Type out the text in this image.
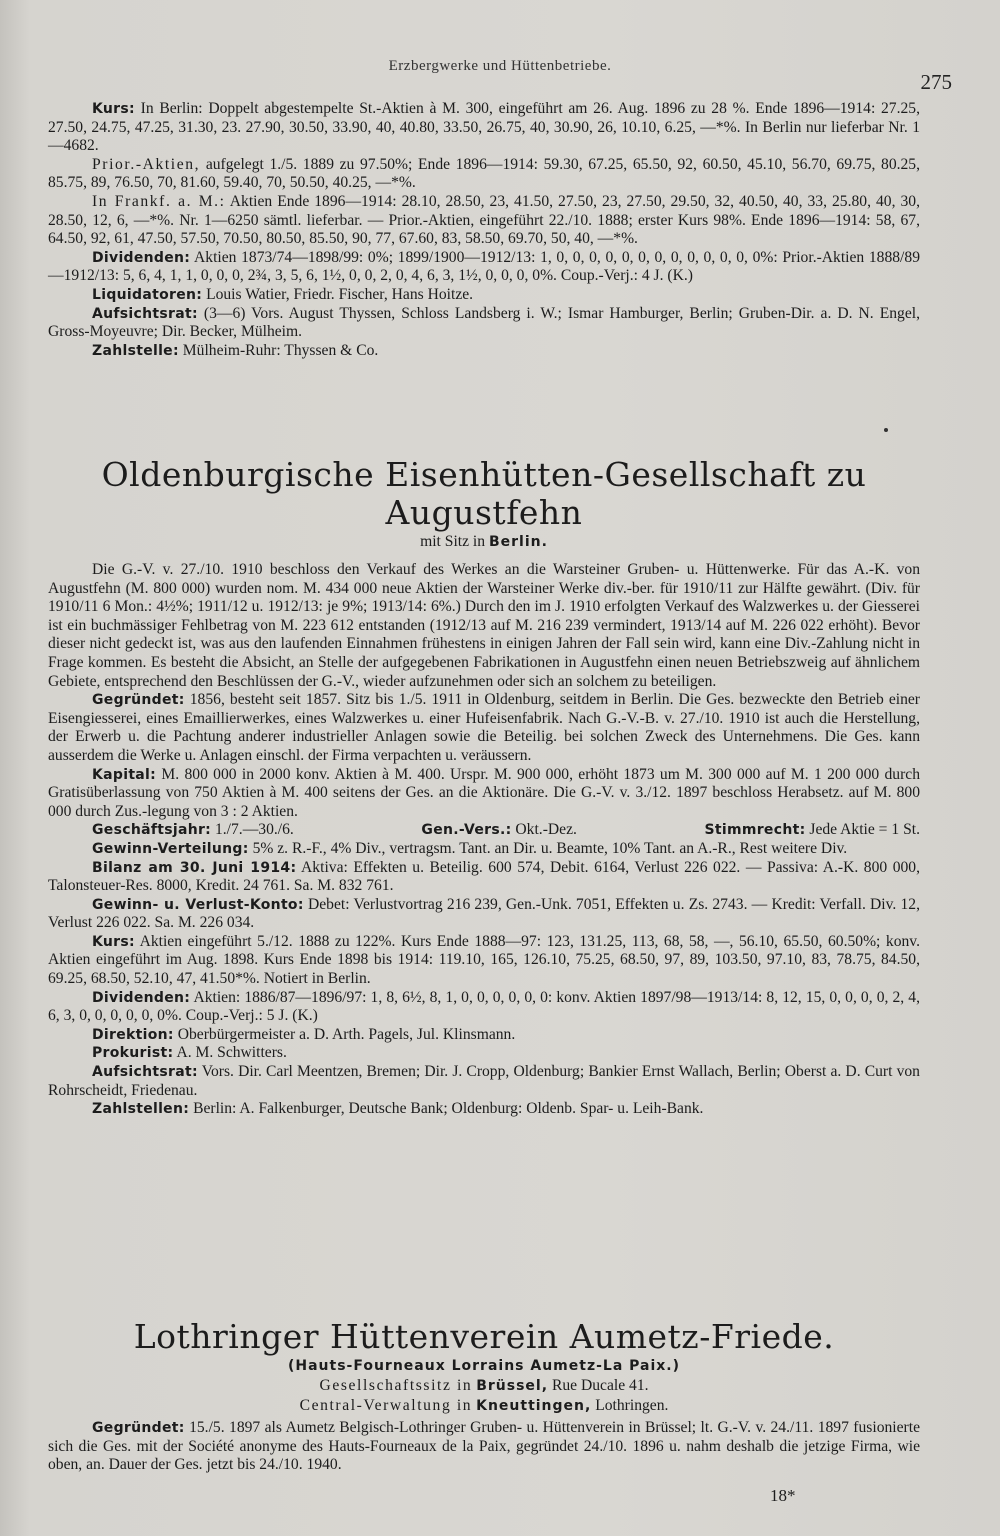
Erzbergwerke und Hüttenbetriebe.
275

Kurs: In Berlin: Doppelt abgestempelte St.-Aktien à M. 300, eingeführt am 26. Aug. 1896 zu 28 %. Ende 1896—1914: 27.25, 27.50, 24.75, 47.25, 31.30, 23. 27.90, 30.50, 33.90, 40, 40.80, 33.50, 26.75, 40, 30.90, 26, 10.10, 6.25, —*%. In Berlin nur lieferbar Nr. 1—4682.

Prior.-Aktien, aufgelegt 1./5. 1889 zu 97.50%; Ende 1896—1914: 59.30, 67.25, 65.50, 92, 60.50, 45.10, 56.70, 69.75, 80.25, 85.75, 89, 76.50, 70, 81.60, 59.40, 70, 50.50, 40.25, —*%.

In Frankf. a. M.: Aktien Ende 1896—1914: 28.10, 28.50, 23, 41.50, 27.50, 23, 27.50, 29.50, 32, 40.50, 40, 33, 25.80, 40, 30, 28.50, 12, 6, —*%. Nr. 1—6250 sämtl. lieferbar. — Prior.-Aktien, eingeführt 22./10. 1888; erster Kurs 98%. Ende 1896—1914: 58, 67, 64.50, 92, 61, 47.50, 57.50, 70.50, 80.50, 85.50, 90, 77, 67.60, 83, 58.50, 69.70, 50, 40, —*%.

Dividenden: Aktien 1873/74—1898/99: 0%; 1899/1900—1912/13: 1, 0, 0, 0, 0, 0, 0, 0, 0, 0, 0, 0, 0, 0%: Prior.-Aktien 1888/89—1912/13: 5, 6, 4, 1, 1, 0, 0, 0, 2¾, 3, 5, 6, 1½, 0, 0, 2, 0, 4, 6, 3, 1½, 0, 0, 0, 0%. Coup.-Verj.: 4 J. (K.)

Liquidatoren: Louis Watier, Friedr. Fischer, Hans Hoitze.

Aufsichtsrat: (3—6) Vors. August Thyssen, Schloss Landsberg i. W.; Ismar Hamburger, Berlin; Gruben-Dir. a. D. N. Engel, Gross-Moyeuvre; Dir. Becker, Mülheim.

Zahlstelle: Mülheim-Ruhr: Thyssen & Co.

Oldenburgische Eisenhütten-Gesellschaft zu Augustfehn

mit Sitz in Berlin.

Die G.-V. v. 27./10. 1910 beschloss den Verkauf des Werkes an die Warsteiner Gruben- u. Hüttenwerke. Für das A.-K. von Augustfehn (M. 800 000) wurden nom. M. 434 000 neue Aktien der Warsteiner Werke div.-ber. für 1910/11 zur Hälfte gewährt. (Div. für 1910/11 6 Mon.: 4½%; 1911/12 u. 1912/13: je 9%; 1913/14: 6%.) Durch den im J. 1910 erfolgten Verkauf des Walzwerkes u. der Giesserei ist ein buchmässiger Fehlbetrag von M. 223 612 entstanden (1912/13 auf M. 216 239 vermindert, 1913/14 auf M. 226 022 erhöht). Bevor dieser nicht gedeckt ist, was aus den laufenden Einnahmen frühestens in einigen Jahren der Fall sein wird, kann eine Div.-Zahlung nicht in Frage kommen. Es besteht die Absicht, an Stelle der aufgegebenen Fabrikationen in Augustfehn einen neuen Betriebszweig auf ähnlichem Gebiete, entsprechend den Beschlüssen der G.-V., wieder aufzunehmen oder sich an solchem zu beteiligen.

Gegründet: 1856, besteht seit 1857. Sitz bis 1./5. 1911 in Oldenburg, seitdem in Berlin. Die Ges. bezweckte den Betrieb einer Eisengiesserei, eines Emaillierwerkes, eines Walzwerkes u. einer Hufeisenfabrik. Nach G.-V.-B. v. 27./10. 1910 ist auch die Herstellung, der Erwerb u. die Pachtung anderer industrieller Anlagen sowie die Beteilig. bei solchen Zweck des Unternehmens. Die Ges. kann ausserdem die Werke u. Anlagen einschl. der Firma verpachten u. veräussern.

Kapital: M. 800 000 in 2000 konv. Aktien à M. 400. Urspr. M. 900 000, erhöht 1873 um M. 300 000 auf M. 1 200 000 durch Gratisüberlassung von 750 Aktien à M. 400 seitens der Ges. an die Aktionäre. Die G.-V. v. 3./12. 1897 beschloss Herabsetz. auf M. 800 000 durch Zus.-legung von 3 : 2 Aktien.

Geschäftsjahr: 1./7.—30./6.	Gen.-Vers.: Okt.-Dez.	Stimmrecht: Jede Aktie = 1 St.

Gewinn-Verteilung: 5% z. R.-F., 4% Div., vertragsm. Tant. an Dir. u. Beamte, 10% Tant. an A.-R., Rest weitere Div.

Bilanz am 30. Juni 1914: Aktiva: Effekten u. Beteilig. 600 574, Debit. 6164, Verlust 226 022. — Passiva: A.-K. 800 000, Talonsteuer-Res. 8000, Kredit. 24 761. Sa. M. 832 761.

Gewinn- u. Verlust-Konto: Debet: Verlustvortrag 216 239, Gen.-Unk. 7051, Effekten u. Zs. 2743. — Kredit: Verfall. Div. 12, Verlust 226 022. Sa. M. 226 034.

Kurs: Aktien eingeführt 5./12. 1888 zu 122%. Kurs Ende 1888—97: 123, 131.25, 113, 68, 58, —, 56.10, 65.50, 60.50%; konv. Aktien eingeführt im Aug. 1898. Kurs Ende 1898 bis 1914: 119.10, 165, 126.10, 75.25, 68.50, 97, 89, 103.50, 97.10, 83, 78.75, 84.50, 69.25, 68.50, 52.10, 47, 41.50*%. Notiert in Berlin.

Dividenden: Aktien: 1886/87—1896/97: 1, 8, 6½, 8, 1, 0, 0, 0, 0, 0, 0: konv. Aktien 1897/98—1913/14: 8, 12, 15, 0, 0, 0, 0, 2, 4, 6, 3, 0, 0, 0, 0, 0, 0%. Coup.-Verj.: 5 J. (K.)

Direktion: Oberbürgermeister a. D. Arth. Pagels, Jul. Klinsmann.

Prokurist: A. M. Schwitters.

Aufsichtsrat: Vors. Dir. Carl Meentzen, Bremen; Dir. J. Cropp, Oldenburg; Bankier Ernst Wallach, Berlin; Oberst a. D. Curt von Rohrscheidt, Friedenau.

Zahlstellen: Berlin: A. Falkenburger, Deutsche Bank; Oldenburg: Oldenb. Spar- u. Leih-Bank.

Lothringer Hüttenverein Aumetz-Friede.

(Hauts-Fourneaux Lorrains Aumetz-La Paix.)

Gesellschaftssitz in Brüssel, Rue Ducale 41.

Central-Verwaltung in Kneuttingen, Lothringen.

Gegründet: 15./5. 1897 als Aumetz Belgisch-Lothringer Gruben- u. Hüttenverein in Brüssel; lt. G.-V. v. 24./11. 1897 fusionierte sich die Ges. mit der Société anonyme des Hauts-Fourneaux de la Paix, gegründet 24./10. 1896 u. nahm deshalb die jetzige Firma, wie oben, an. Dauer der Ges. jetzt bis 24./10. 1940.

18*
